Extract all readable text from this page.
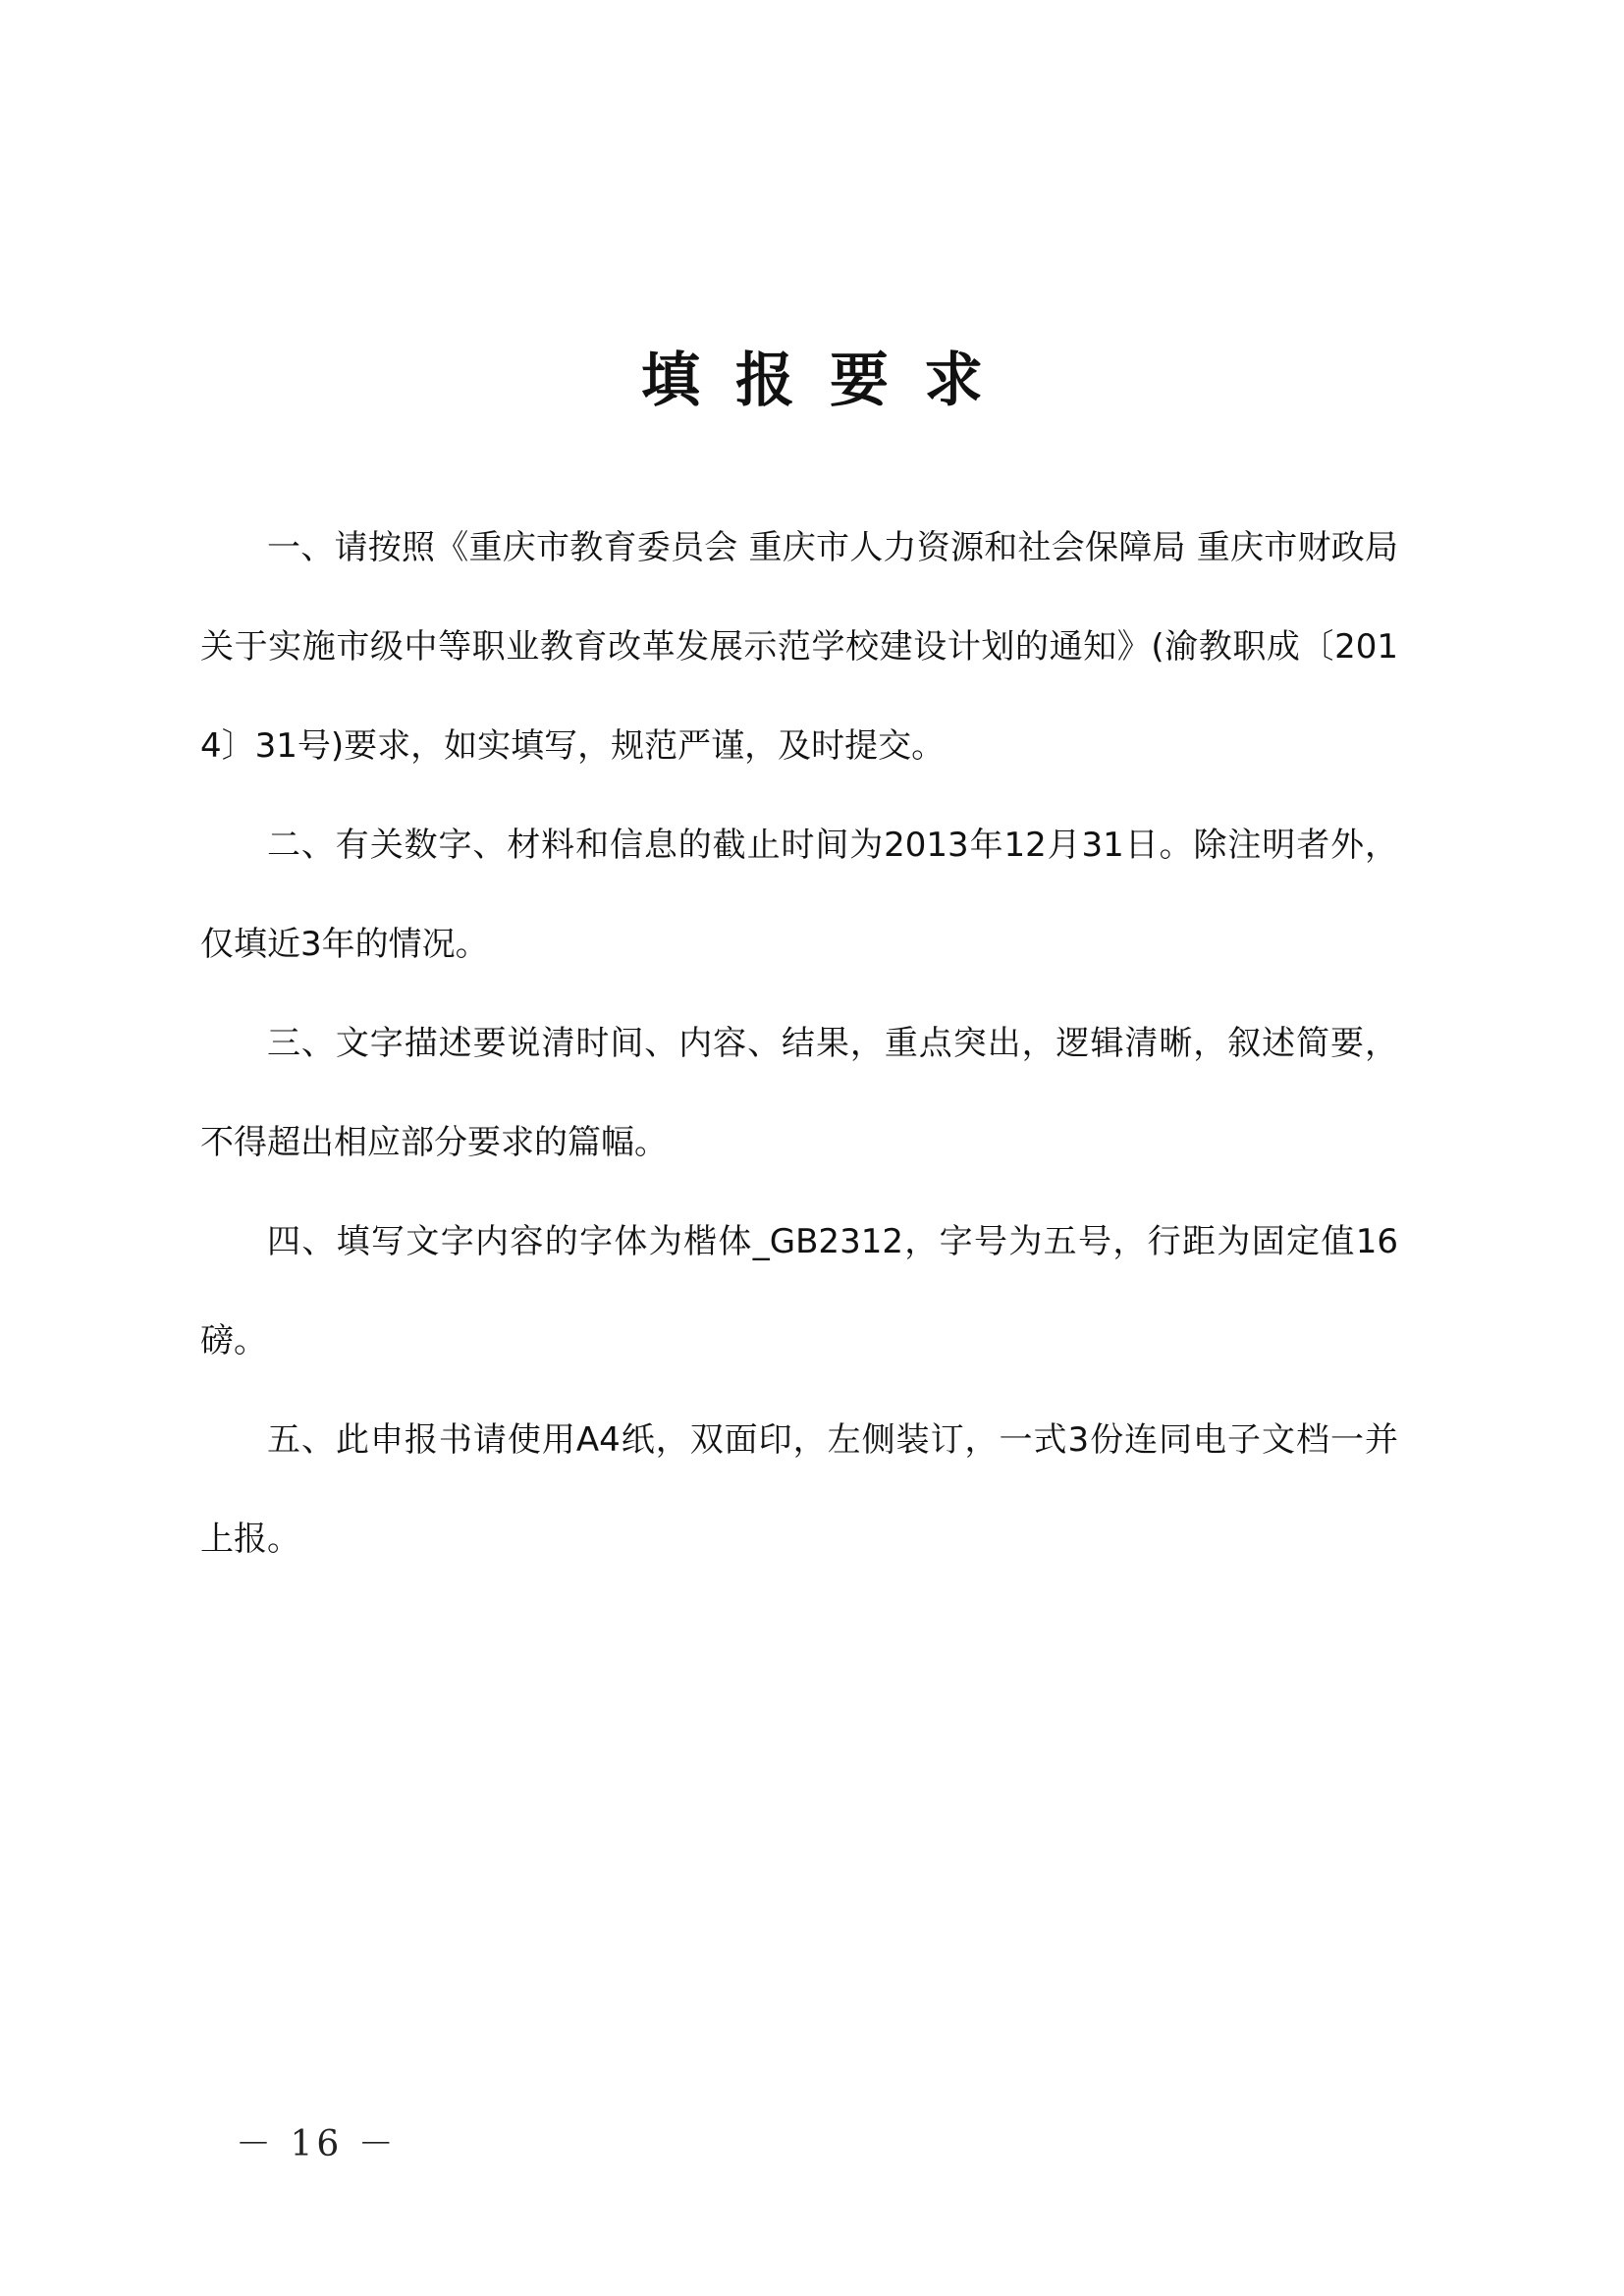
填报要求

一、请按照《重庆市教育委员会 重庆市人力资源和社会保障局 重庆市财政局关于实施市级中等职业教育改革发展示范学校建设计划的通知》(渝教职成〔2014〕31号)要求，如实填写，规范严谨，及时提交。

二、有关数字、材料和信息的截止时间为2013年12月31日。除注明者外，仅填近3年的情况。

三、文字描述要说清时间、内容、结果，重点突出，逻辑清晰，叙述简要，不得超出相应部分要求的篇幅。

四、填写文字内容的字体为楷体_GB2312，字号为五号，行距为固定值16磅。

五、此申报书请使用A4纸，双面印，左侧装订，一式3份连同电子文档一并上报。

－ 16 －
